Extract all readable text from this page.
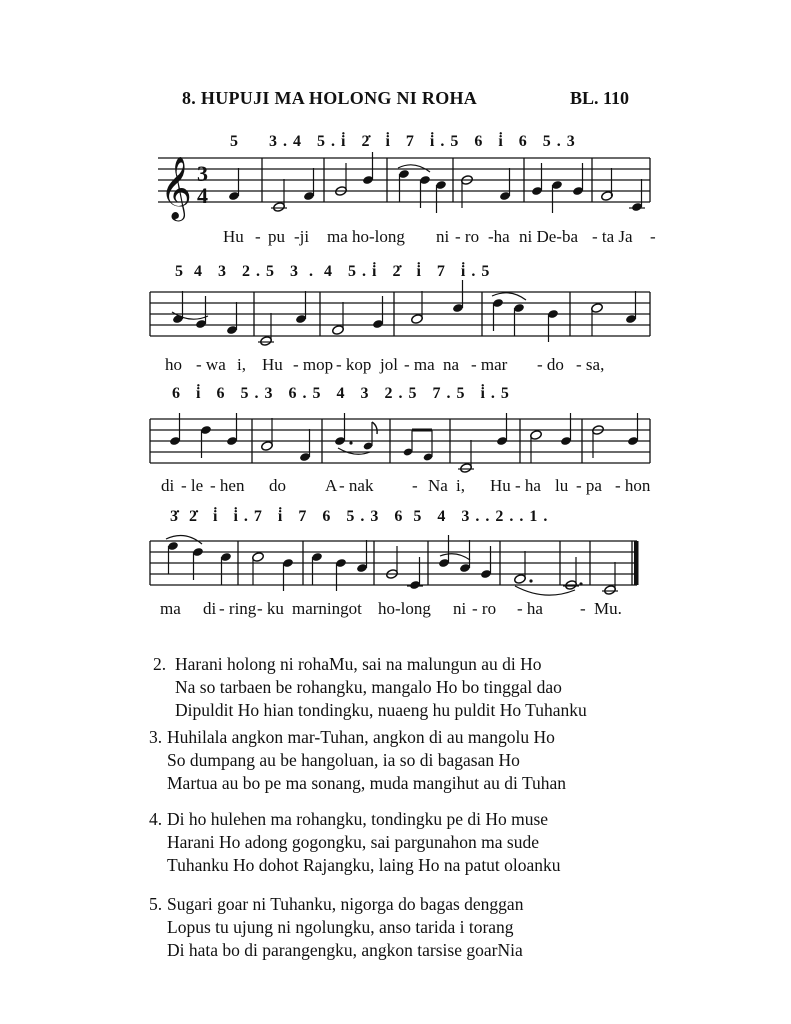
8. HUPUJI MA HOLONG NI ROHA	BL. 110
𝄞 3
4
5      3 . 4   5 . i̇   2̇   i̇   7   i̇ . 5   6   i̇   6   5 . 3
5  4   3   2 . 5   3  .  4   5 . i̇   2̇   i̇   7   i̇ . 5
6   i̇   6   5 . 3   6 . 5   4   3   2 . 5   7 . 5   i̇ . 5
3̇  2̇   i̇   i̇ . 7   i̇   7   6   5 . 3   6  5   4   3 . . 2 . . 1 .
Hu - pu -ji ma ho-long ni - ro -ha ni De-ba - ta Ja -
ho - wa i, Hu - mop - kop jol - ma na - mar - do - sa,
di - le - hen do A - nak - Na i, Hu - ha lu - pa - hon
ma di - ring - ku marningot ho-long ni - ro - ha - Mu.
2. Harani holong ni rohaMu, sai na malungun au di Ho
Na so tarbaen be rohangku, mangalo Ho bo tinggal dao
Dipuldit Ho hian tondingku, nuaeng hu puldit Ho Tuhanku
3. Huhilala angkon mar-Tuhan, angkon di au mangolu Ho
So dumpang au be hangoluan, ia so di bagasan Ho
Martua au bo pe ma sonang, muda mangihut au di Tuhan
4. Di ho hulehen ma rohangku, tondingku pe di Ho muse
Harani Ho adong gogongku, sai pargunahon ma sude
Tuhanku Ho dohot Rajangku, laing Ho na patut oloanku
5. Sugari goar ni Tuhanku, nigorga do bagas denggan
Lopus tu ujung ni ngolungku, anso tarida i torang
Di hata bo di parangengku, angkon tarsise goarNia
